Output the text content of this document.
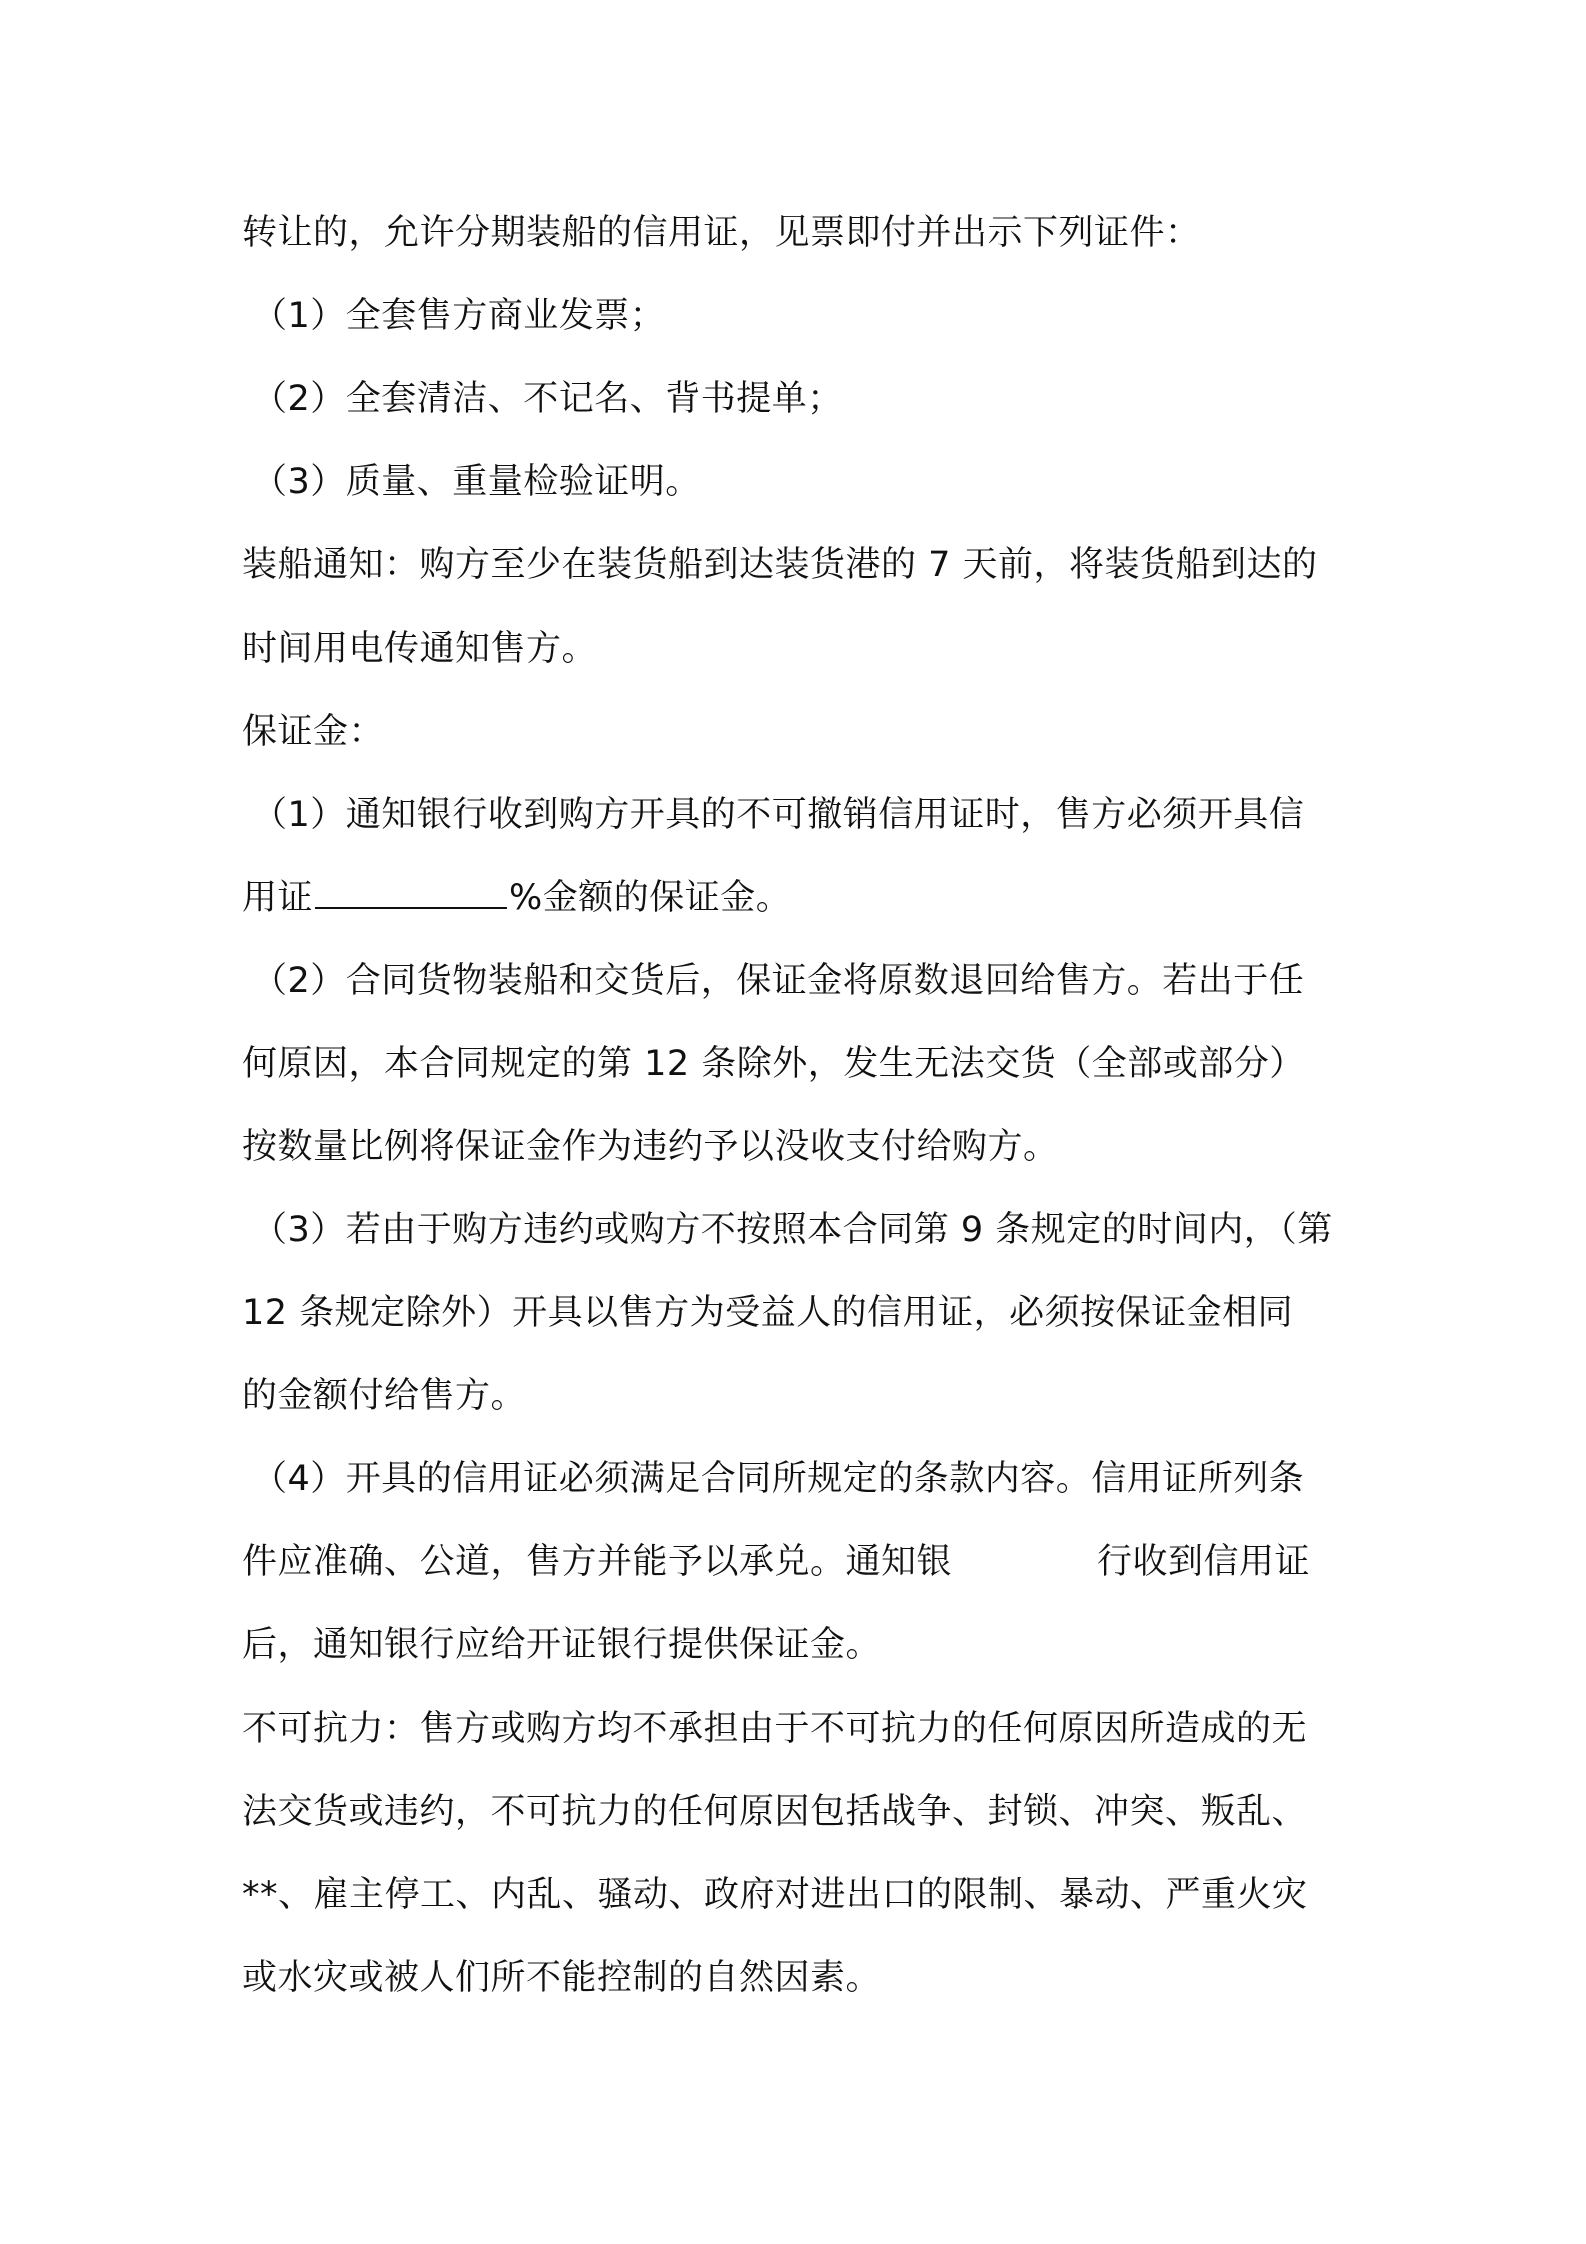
转让的，允许分期装船的信用证，见票即付并出示下列证件：
（1）全套售方商业发票；
（2）全套清洁、不记名、背书提单；
（3）质量、重量检验证明。
装船通知：购方至少在装货船到达装货港的 7 天前，将装货船到达的
时间用电传通知售方。
保证金：
（1）通知银行收到购方开具的不可撤销信用证时，售方必须开具信
用证	%金额的保证金。
（2）合同货物装船和交货后，保证金将原数退回给售方。若出于任
何原因，本合同规定的第 12 条除外，发生无法交货（全部或部分）
按数量比例将保证金作为违约予以没收支付给购方。
（3）若由于购方违约或购方不按照本合同第 9 条规定的时间内，（第
12 条规定除外）开具以售方为受益人的信用证，必须按保证金相同
的金额付给售方。
（4）开具的信用证必须满足合同所规定的条款内容。信用证所列条
件应准确、公道，售方并能予以承兑。通知银	行收到信用证
后，通知银行应给开证银行提供保证金。
不可抗力：售方或购方均不承担由于不可抗力的任何原因所造成的无
法交货或违约，不可抗力的任何原因包括战争、封锁、冲突、叛乱、
**、雇主停工、内乱、骚动、政府对进出口的限制、暴动、严重火灾
或水灾或被人们所不能控制的自然因素。
